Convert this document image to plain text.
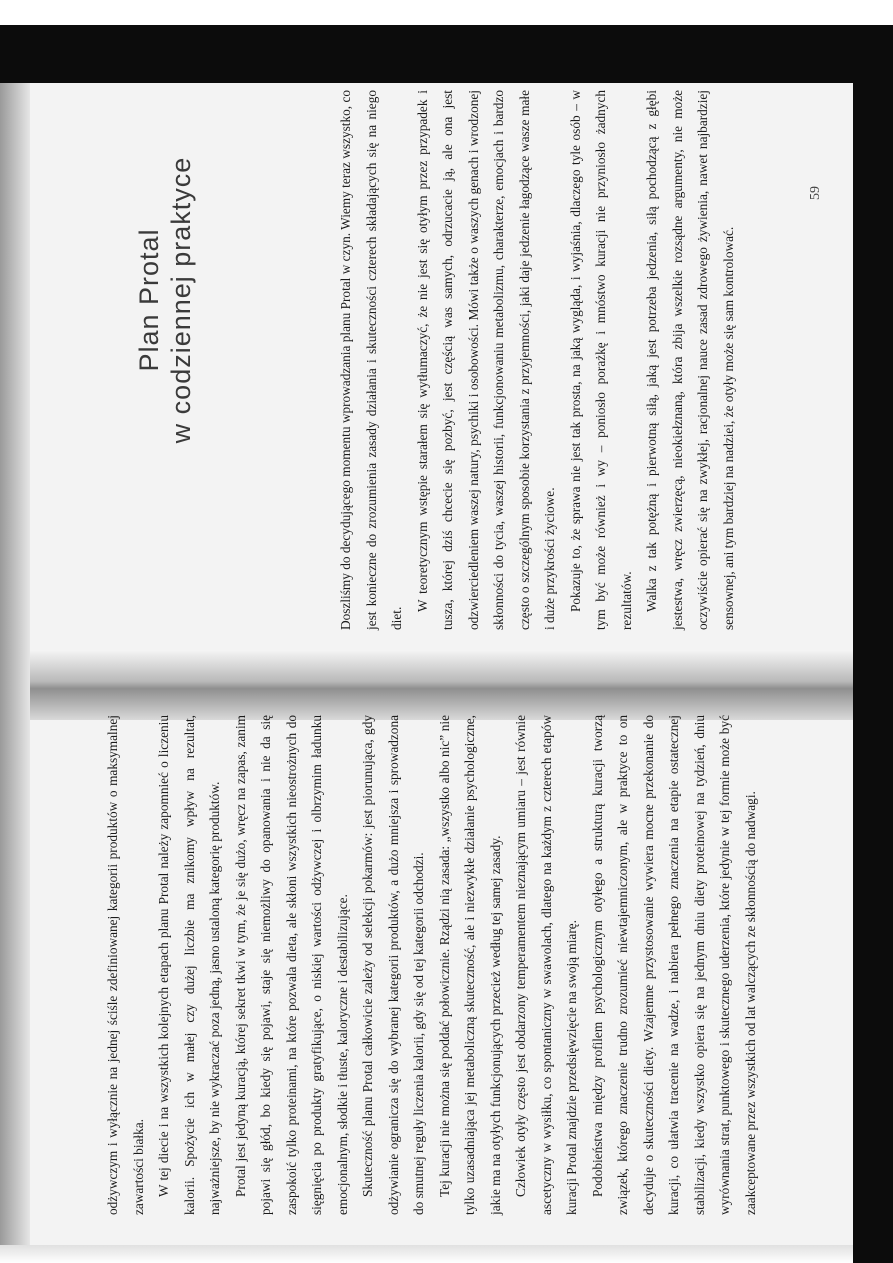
Plan Protal w codziennej praktyce	Doszliśmy do decydującego momentu wprowadzania planu Protal w czyn. Wiemy teraz wszystko, co jest konieczne do zrozumienia zasady działania i skuteczności czterech składających się na niego diet.

W teoretycznym wstępie starałem się wytłumaczyć, że nie jest się otyłym przez przypadek i tusza, której dziś chcecie się pozbyć, jest częścią was samych, odrzucacie ją, ale ona jest odzwierciedleniem waszej natury, psychiki i osobowości. Mówi także o waszych genach i wrodzonej skłonności do tycia, waszej historii, funkcjonowaniu metabolizmu, charakterze, emocjach i bardzo często o szczególnym sposobie korzystania z przyjemności, jaki daje jedzenie łagodzące wasze małe i duże przykrości życiowe. Pokazuje to, że sprawa nie jest tak prosta, na jaką wygląda, i wyjaśnia, dlaczego tyle osób – w tym być może również i wy – poniosło porażkę i mnóstwo kuracji nie przyniosło żadnych rezultatów. Walka z tak potężną i pierwotną siłą, jaką jest potrzeba jedzenia, siłą pochodzącą z głębi jestestwa, wręcz zwierzęcą, nieokiełznaną, która zbija wszelkie rozsądne argumenty, nie może oczywiście opierać się na zwykłej, racjonalnej nauce zasad zdrowego żywienia, nawet najbardziej sensownej, ani tym bardziej na nadziei, że otyły może się sam kontrolować.

59

odżywczym i wyłącznie na jednej ściśle zdefiniowanej kategorii produktów o maksymalnej zawartości białka. W tej diecie i na wszystkich kolejnych etapach planu Protal należy zapomnieć o liczeniu kalorii. Spożycie ich w małej czy dużej liczbie ma znikomy wpływ na rezultat, najważniejsze, by nie wykraczać poza jedną, jasno ustaloną kategorię produktów. Protal jest jedyną kuracją, której sekret tkwi w tym, że je się dużo, wręcz na zapas, zanim pojawi się głód, bo kiedy się pojawi, staje się niemożliwy do opanowania i nie da się zaspokoić tylko proteinami, na które pozwala dieta, ale skłoni wszystkich nieostrożnych do sięgnięcia po produkty gratyfikujące, o niskiej wartości odżywczej i olbrzymim ładunku emocjonalnym, słodkie i tłuste, kaloryczne i destabilizujące. Skuteczność planu Protal całkowicie zależy od selekcji pokarmów: jest piorunująca, gdy odżywianie ogranicza się do wybranej kategorii produktów, a dużo mniejsza i sprowadzona do smutnej reguły liczenia kalorii, gdy się od tej kategorii odchodzi. Tej kuracji nie można się poddać połowicznie. Rządzi nią zasada: „wszystko albo nic” nie tylko uzasadniająca jej metaboliczną skuteczność, ale i niezwykłe działanie psychologiczne, jakie ma na otyłych funkcjonujących przecież według tej samej zasady. Człowiek otyły często jest obdarzony temperamentem nieznającym umiaru – jest równie ascetyczny w wysiłku, co spontaniczny w swawolach, dlatego na każdym z czterech etapów kuracji Protal znajdzie przedsięwzięcie na swoją miarę. Podobieństwa między profilem psychologicznym otyłego a strukturą kuracji tworzą związek, którego znaczenie trudno zrozumieć niewtajemniczonym, ale w praktyce to on decyduje o skuteczności diety. Wzajemne przystosowanie wywiera mocne przekonanie do kuracji, co ułatwia tracenie na wadze, i nabiera pełnego znaczenia na etapie ostatecznej stabilizacji, kiedy wszystko opiera się na jednym dniu diety proteinowej na tydzień, dniu wyrównania strat, punktowego i skutecznego uderzenia, które jedynie w tej formie może być zaakceptowane przez wszystkich od lat walczących ze skłonnością do nadwagi.
